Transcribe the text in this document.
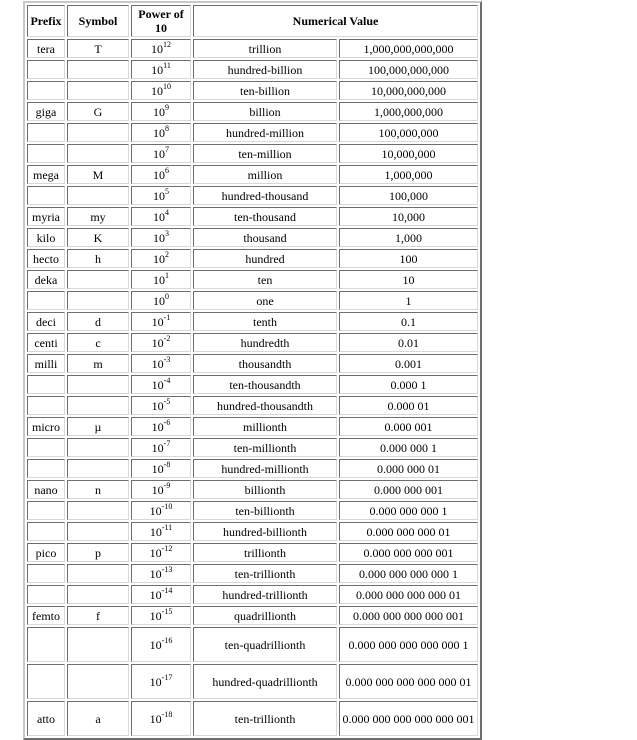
Prefix	Symbol	Power of 10	Numerical Value	
tera	T	$10^{12}$	trillion	1,000,000,000,000
		$10^{11}$	hundred-billion	100,000,000,000
		$10^{10}$	ten-billion	10,000,000,000
giga	G	$10^9$	billion	1,000,000,000
		$10^8$	hundred-million	100,000,000
		$10^7$	ten-million	10,000,000
mega	M	$10^6$	million	1,000,000
		$10^5$	hundred-thousand	100,000
myria	my	$10^4$	ten-thousand	10,000
kilo	K	$10^3$	thousand	1,000
hecto	h	$10^2$	hundred	100
deka		$10^1$	ten	10
		$10^0$	one	1
deci	d	$10^{-1}$	tenth	0.1
centi	c	$10^{-2}$	hundredth	0.01
milli	m	$10^{-3}$	thousandth	0.001
		$10^{-4}$	ten-thousandth	0.000 1
		$10^{-5}$	hundred-thousandth	0.000 01
micro	µ	$10^{-6}$	millionth	0.000 001
		$10^{-7}$	ten-millionth	0.000 000 1
		$10^{-8}$	hundred-millionth	0.000 000 01
nano	n	$10^{-9}$	billionth	0.000 000 001
		$10^{-10}$	ten-billionth	0.000 000 000 1
		$10^{-11}$	hundred-billionth	0.000 000 000 01
pico	p	$10^{-12}$	trillionth	0.000 000 000 001
		$10^{-13}$	ten-trillionth	0.000 000 000 000 1
		$10^{-14}$	hundred-trillionth	0.000 000 000 000 01
femto	f	$10^{-15}$	quadrillionth	0.000 000 000 000 001
		$10^{-16}$	ten-quadrillionth	0.000 000 000 000 000 1
		$10^{-17}$	hundred-quadrillionth	0.000 000 000 000 000 01
atto	a	$10^{-18}$	ten-trillionth	0.000 000 000 000 000 001
